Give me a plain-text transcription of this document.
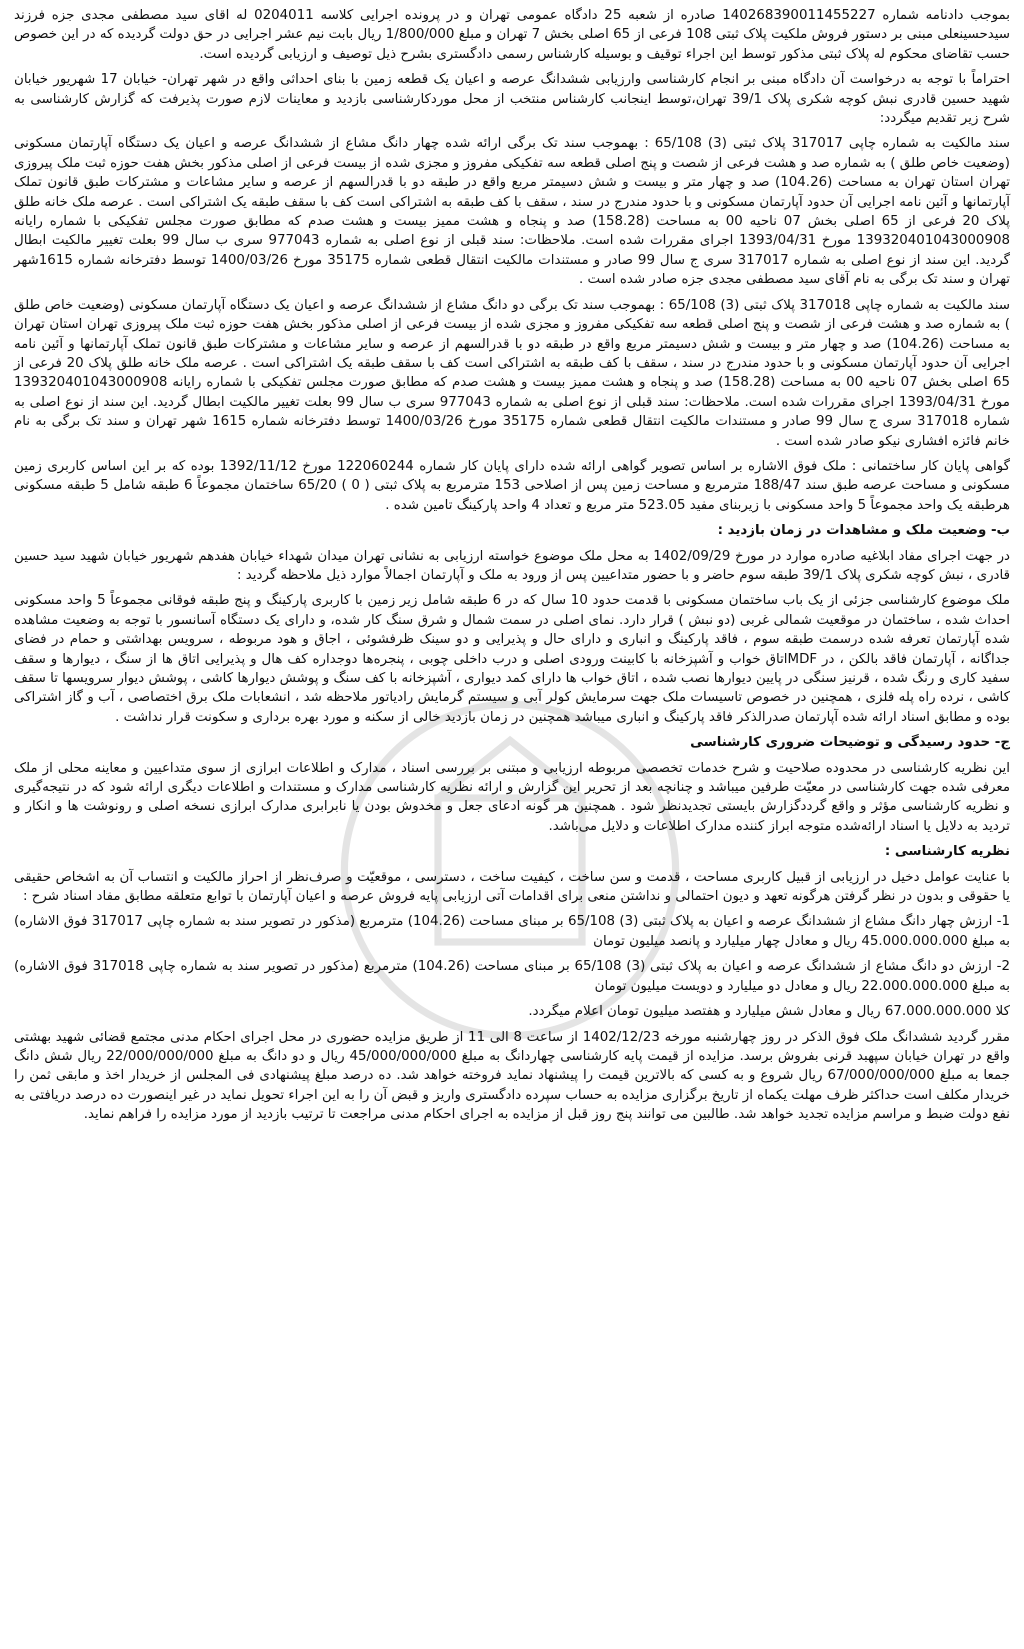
بموجب دادنامه شماره 140268390011455227 صادره از شعبه 25 دادگاه عمومی تهران و در پرونده اجرایی کلاسه 0204011 له اقای سید مصطفی مجدی جزه فرزند سیدحسینعلی مبنی بر دستور فروش ملکیت پلاک ثبتی 108 فرعی از 65 اصلی بخش 7 تهران و مبلغ 1/800/000 ریال بابت نیم عشر اجرایی در حق دولت گردیده که در این خصوص حسب تقاضای محکوم له پلاک ثبتی مذکور توسط این اجراء توقیف و بوسیله کارشناس رسمی دادگستری بشرح ذیل توصیف و ارزیابی گردیده است.

احتراماً با توجه به درخواست آن دادگاه مبنی بر انجام کارشناسی وارزیابی ششدانگ عرصه و اعیان یک قطعه زمین با بنای احداثی واقع در شهر تهران- خیابان 17 شهریور خیابان شهید حسین قادری نبش کوچه شکری پلاک 39/1 تهران،توسط اینجانب کارشناس منتخب از محل موردکارشناسی بازدید و معاینات لازم صورت پذیرفت که گزارش کارشناسی به شرح زیر تقدیم میگردد:

سند مالکیت به شماره چاپی 317017 پلاک ثبتی (3) 65/108 : بهموجب سند تک برگی ارائه شده چهار دانگ مشاع از ششدانگ عرصه و اعیان یک دستگاه آپارتمان مسکونی (وضعیت خاص طلق ) به شماره صد و هشت فرعی از شصت و پنج اصلی قطعه سه تفکیکی مفروز و مجزی شده از بیست فرعی از اصلی مذکور بخش هفت حوزه ثبت ملک پیروزی تهران استان تهران به مساحت (104.26) صد و چهار متر و بیست و شش دسیمتر مربع واقع در طبقه دو با قدرالسهم از عرصه و سایر مشاعات و مشترکات طبق قانون تملک آپارتمانها و آئین نامه اجرایی آن حدود آپارتمان مسکونی و با حدود مندرج در سند ، سقف با کف طبقه به اشتراکی است کف با سقف طبقه یک اشتراکی است . عرصه ملک خانه طلق پلاک 20 فرعی از 65 اصلی بخش 07 ناحیه 00 به مساحت (158.28) صد و پنجاه و هشت ممیز بیست و هشت صدم که مطابق صورت مجلس تفکیکی با شماره رایانه 139320401043000908 مورخ 1393/04/31 اجرای مقررات شده است. ملاحظات: سند قبلی از نوع اصلی به شماره 977043 سری ب سال 99 بعلت تغییر مالکیت ابطال گردید. این سند از نوع اصلی به شماره 317017 سری ج سال 99 صادر و مستندات مالکیت انتقال قطعی شماره 35175 مورخ 1400/03/26 توسط دفترخانه شماره 1615شهر تهران و سند تک برگی به نام آقای سید مصطفی مجدی جزه صادر شده است .

سند مالکیت به شماره چاپی 317018 پلاک ثبتی (3) 65/108 : بهموجب سند تک برگی دو دانگ مشاع از ششدانگ عرصه و اعیان یک دستگاه آپارتمان مسکونی (وضعیت خاص طلق ) به شماره صد و هشت فرعی از شصت و پنج اصلی قطعه سه تفکیکی مفروز و مجزی شده از بیست فرعی از اصلی مذکور بخش هفت حوزه ثبت ملک پیروزی تهران استان تهران به مساحت (104.26) صد و چهار متر و بیست و شش دسیمتر مربع واقع در طبقه دو با قدرالسهم از عرصه و سایر مشاعات و مشترکات طبق قانون تملک آپارتمانها و آئین نامه اجرایی آن حدود آپارتمان مسکونی و با حدود مندرج در سند ، سقف با کف طبقه به اشتراکی است کف با سقف طبقه یک اشتراکی است . عرصه ملک خانه طلق پلاک 20 فرعی از 65 اصلی بخش 07 ناحیه 00 به مساحت (158.28) صد و پنجاه و هشت ممیز بیست و هشت صدم که مطابق صورت مجلس تفکیکی با شماره رایانه 139320401043000908 مورخ 1393/04/31 اجرای مقررات شده است. ملاحظات: سند قبلی از نوع اصلی به شماره 977043 سری ب سال 99 بعلت تغییر مالکیت ابطال گردید. این سند از نوع اصلی به شماره 317018 سری ج سال 99 صادر و مستندات مالکیت انتقال قطعی شماره 35175 مورخ 1400/03/26 توسط دفترخانه شماره 1615 شهر تهران و سند تک برگی به نام خانم فائزه افشاری نیکو صادر شده است .

گواهی پایان کار ساختمانی : ملک فوق الاشاره بر اساس تصویر گواهی ارائه شده دارای پایان کار شماره 122060244 مورخ 1392/11/12 بوده که بر این اساس کاربری زمین مسکونی و مساحت عرصه طبق سند 188/47 مترمربع و مساحت زمین پس از اصلاحی 153 مترمربع به پلاک ثبتی ( 0 ) 65/20 ساختمان مجموعاً 6 طبقه شامل 5 طبقه مسکونی هرطبقه یک واحد مجموعاً 5 واحد مسکونی با زیربنای مفید 523.05 متر مربع و تعداد 4 واحد پارکینگ تامین شده .

ب- وضعیت ملک و مشاهدات در زمان بازدید :

در جهت اجرای مفاد ابلاغیه صادره موارد در مورخ 1402/09/29 به محل ملک موضوع خواسته ارزیابی به نشانی تهران میدان شهداء خیابان هفدهم شهریور خیابان شهید سید حسین قادری ، نبش کوچه شکری پلاک 39/1 طبقه سوم حاضر و با حضور متداعیین پس از ورود به ملک و آپارتمان اجمالاً موارد ذیل ملاحظه گردید :

ملک موضوع کارشناسی جزئی از یک باب ساختمان مسکونی با قدمت حدود 10 سال که در 6 طبقه شامل زیر زمین با کاربری پارکینگ و پنج طبقه فوقانی مجموعاً 5 واحد مسکونی احداث شده ، ساختمان در موقعیت شمالی غربی (دو نبش ) قرار دارد. نمای اصلی در سمت شمال و شرق سنگ کار شده، و دارای یک دستگاه آسانسور با توجه به وضعیت مشاهده شده آپارتمان تعرفه شده درسمت طبقه سوم ، فاقد پارکینگ و انباری و دارای حال و پذیرایی و دو سینک ظرفشوئی ، اجاق و هود مربوطه ، سرویس بهداشتی و حمام در فضای جداگانه ، آپارتمان فاقد بالکن ، در MDFاتاق خواب و آشپزخانه با کابینت ورودی اصلی و درب داخلی چوبی ، پنجره‌ها دوجداره کف هال و پذیرایی اتاق ها از سنگ ، دیوارها و سقف سفید کاری و رنگ شده ، قرنیز سنگی در پایین دیوارها نصب شده ، اتاق خواب ها دارای کمد دیواری ، آشپزخانه با کف سنگ و پوشش دیوارها کاشی ، پوشش دیوار سرویسها تا سقف کاشی ، نرده راه پله فلزی ، همچنین در خصوص تاسیسات ملک جهت سرمایش کولر آبی و سیستم گرمایش رادیاتور ملاحظه شد ، انشعابات ملک برق اختصاصی ، آب و گاز اشتراکی بوده و مطابق اسناد ارائه شده آپارتمان صدرالذکر فاقد پارکینگ و انباری میباشد همچنین در زمان بازدید خالی از سکنه و مورد بهره برداری و سکونت قرار نداشت .

ج- حدود رسیدگی و توضیحات ضروری کارشناسی

این نظریه کارشناسی در محدوده صلاحیت و شرح خدمات تخصصی مربوطه ارزیابی و مبتنی بر بررسی اسناد ، مدارک و اطلاعات ابرازی از سوی متداعیین و معاینه محلی از ملک معرفی شده جهت کارشناسی در معیّت طرفین میباشد و چنانچه بعد از تحریر این گزارش و ارائه نظریه کارشناسی مدارک و مستندات و اطلاعات دیگری ارائه شود که در نتیجه‌گیری و نظریه کارشناسی مؤثر و واقع گرددگزارش بایستی تجدیدنظر شود . همچنین هر گونه ادعای جعل و مخدوش بودن یا نابرابری مدارک ابرازی نسخه اصلی و رونوشت ها و انکار و تردید به دلایل یا اسناد ارائه‌شده متوجه ابراز کننده مدارک اطلاعات و دلایل می‌باشد.

نظریه کارشناسی :

با عنایت عوامل دخیل در ارزیابی از قبیل کاربری مساحت ، قدمت و سن ساخت ، کیفیت ساخت ، دسترسی ، موقعیّت و صرف‌نظر از احراز مالکیت و انتساب آن به اشخاص حقیقی یا حقوقی و بدون در نظر گرفتن هرگونه تعهد و دیون احتمالی و نداشتن منعی برای اقدامات آتی ارزیابی پایه فروش عرصه و اعیان آپارتمان با توابع متعلقه مطابق مفاد اسناد شرح :

1- ارزش چهار دانگ مشاع از ششدانگ عرصه و اعیان به پلاک ثبتی (3) 65/108 بر مبنای مساحت (104.26) مترمربع (مذکور در تصویر سند به شماره چاپی 317017 فوق الاشاره) به مبلغ 45.000.000.000 ریال و معادل چهار میلیارد و پانصد میلیون تومان

2- ارزش دو دانگ مشاع از ششدانگ عرصه و اعیان به پلاک ثبتی (3) 65/108 بر مبنای مساحت (104.26) مترمربع (مذکور در تصویر سند به شماره چاپی 317018 فوق الاشاره) به مبلغ 22.000.000.000 ریال و معادل دو میلیارد و دویست میلیون تومان

کلا 67.000.000.000 ریال و معادل شش میلیارد و هفتصد میلیون تومان اعلام میگردد.

مقرر گردید ششدانگ ملک فوق الذکر در روز چهارشنبه مورخه 1402/12/23 از ساعت 8 الی 11 از طریق مزایده حضوری در محل اجرای احکام مدنی مجتمع قضائی شهید بهشتی واقع در تهران خیابان سپهبد قرنی بفروش برسد. مزایده از قیمت پایه کارشناسی چهاردانگ به مبلغ 45/000/000/000 ریال و دو دانگ به مبلغ 22/000/000/000 ریال شش دانگ جمعا به مبلغ 67/000/000/000 ریال شروع و به کسی که بالاترین قیمت را پیشنهاد نماید فروخته خواهد شد. ده درصد مبلغ پیشنهادی فی المجلس از خریدار اخذ و مابقی ثمن را خریدار مکلف است حداکثر ظرف مهلت یکماه از تاریخ برگزاری مزایده به حساب سپرده دادگستری واریز و قبض آن را به این اجراء تحویل نماید در غیر اینصورت ده درصد دریافتی به نفع دولت ضبط و مراسم مزایده تجدید خواهد شد. طالبین می توانند پنج روز قبل از مزایده به اجرای احکام مدنی مراجعت تا ترتیب بازدید از مورد مزایده را فراهم نماید.
